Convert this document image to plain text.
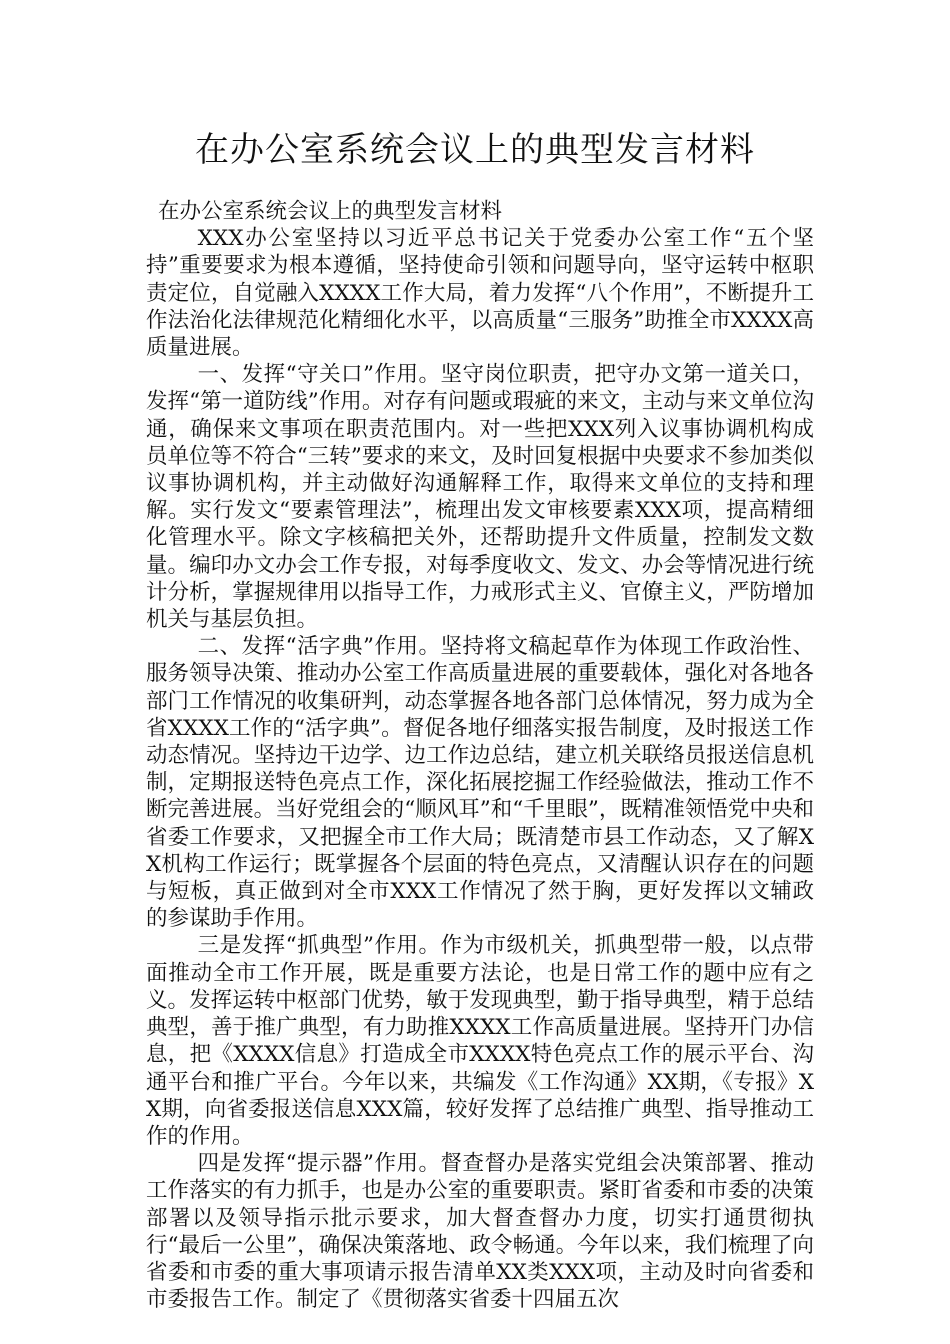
在办公室系统会议上的典型发言材料

在办公室系统会议上的典型发言材料

XXX办公室坚持以习近平总书记关于党委办公室工作“五个坚持”重要要求为根本遵循，坚持使命引领和问题导向，坚守运转中枢职责定位，自觉融入XXXX工作大局，着力发挥“八个作用”，不断提升工作法治化法律规范化精细化水平，以高质量“三服务”助推全市XXXX高质量进展。

一、发挥“守关口”作用。坚守岗位职责，把守办文第一道关口，发挥“第一道防线”作用。对存有问题或瑕疵的来文，主动与来文单位沟通，确保来文事项在职责范围内。对一些把XXX列入议事协调机构成员单位等不符合“三转”要求的来文，及时回复根据中央要求不参加类似议事协调机构，并主动做好沟通解释工作，取得来文单位的支持和理解。实行发文“要素管理法”，梳理出发文审核要素XXX项，提高精细化管理水平。除文字核稿把关外，还帮助提升文件质量，控制发文数量。编印办文办会工作专报，对每季度收文、发文、办会等情况进行统计分析，掌握规律用以指导工作，力戒形式主义、官僚主义，严防增加机关与基层负担。

二、发挥“活字典”作用。坚持将文稿起草作为体现工作政治性、服务领导决策、推动办公室工作高质量进展的重要载体，强化对各地各部门工作情况的收集研判，动态掌握各地各部门总体情况，努力成为全省XXXX工作的“活字典”。督促各地仔细落实报告制度，及时报送工作动态情况。坚持边干边学、边工作边总结，建立机关联络员报送信息机制，定期报送特色亮点工作，深化拓展挖掘工作经验做法，推动工作不断完善进展。当好党组会的“顺风耳”和“千里眼”，既精准领悟党中央和省委工作要求，又把握全市工作大局；既清楚市县工作动态，又了解XX机构工作运行；既掌握各个层面的特色亮点，又清醒认识存在的问题与短板，真正做到对全市XXX工作情况了然于胸，更好发挥以文辅政的参谋助手作用。

三是发挥“抓典型”作用。作为市级机关，抓典型带一般，以点带面推动全市工作开展，既是重要方法论，也是日常工作的题中应有之义。发挥运转中枢部门优势，敏于发现典型，勤于指导典型，精于总结典型，善于推广典型，有力助推XXXX工作高质量进展。坚持开门办信息，把《XXXX信息》打造成全市XXXX特色亮点工作的展示平台、沟通平台和推广平台。今年以来，共编发《工作沟通》XX期，《专报》XX期，向省委报送信息XXX篇，较好发挥了总结推广典型、指导推动工作的作用。

四是发挥“提示器”作用。督查督办是落实党组会决策部署、推动工作落实的有力抓手，也是办公室的重要职责。紧盯省委和市委的决策部署以及领导指示批示要求，加大督查督办力度，切实打通贯彻执行“最后一公里”，确保决策落地、政令畅通。今年以来，我们梳理了向省委和市委的重大事项请示报告清单XX类XXX项，主动及时向省委和市委报告工作。制定了《贯彻落实省委十四届五次
